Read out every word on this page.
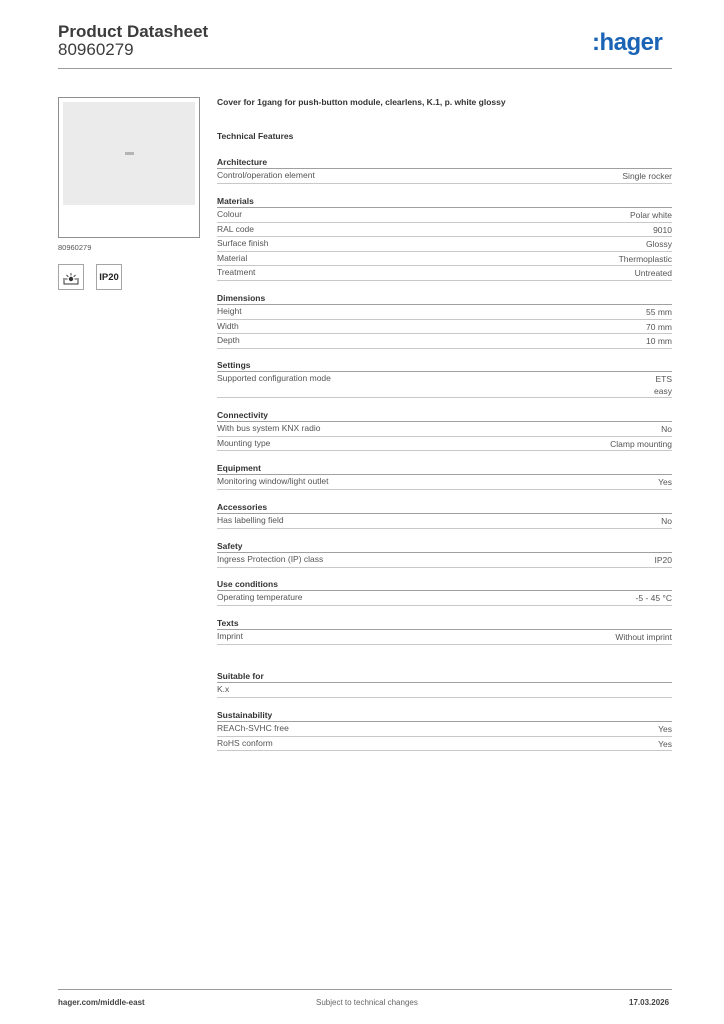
Product Datasheet
80960279	:hager
80960279
IP20
Cover for 1gang for push-button module, clearlens, K.1, p. white glossy
Technical Features
Architecture
Control/operation element	Single rocker
Materials
Colour	Polar white
RAL code	9010
Surface finish	Glossy
Material	Thermoplastic
Treatment	Untreated
Dimensions
Height	55 mm
Width	70 mm
Depth	10 mm
Settings
Supported configuration mode	ETS
easy
Connectivity
With bus system KNX radio	No
Mounting type	Clamp mounting
Equipment
Monitoring window/light outlet	Yes
Accessories
Has labelling field	No
Safety
Ingress Protection (IP) class	IP20
Use conditions
Operating temperature	-5 - 45 °C
Texts
Imprint	Without imprint
Suitable for
K.x
Sustainability
REACh-SVHC free	Yes
RoHS conform	Yes
hager.com/middle-east	Subject to technical changes	17.03.2026
